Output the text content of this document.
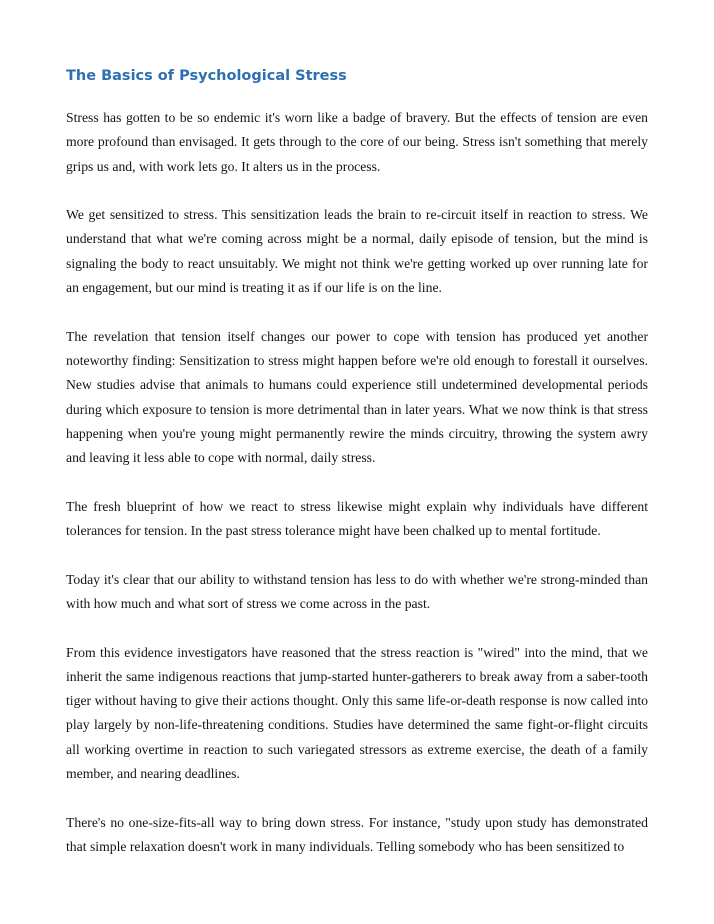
The Basics of Psychological Stress

Stress has gotten to be so endemic it's worn like a badge of bravery. But the effects of tension are even more profound than envisaged. It gets through to the core of our being. Stress isn't something that merely grips us and, with work lets go. It alters us in the process.

We get sensitized to stress. This sensitization leads the brain to re-circuit itself in reaction to stress. We understand that what we're coming across might be a normal, daily episode of tension, but the mind is signaling the body to react unsuitably. We might not think we're getting worked up over running late for an engagement, but our mind is treating it as if our life is on the line.

The revelation that tension itself changes our power to cope with tension has produced yet another noteworthy finding: Sensitization to stress might happen before we're old enough to forestall it ourselves. New studies advise that animals to humans could experience still undetermined developmental periods during which exposure to tension is more detrimental than in later years. What we now think is that stress happening when you're young might permanently rewire the minds circuitry, throwing the system awry and leaving it less able to cope with normal, daily stress.

The fresh blueprint of how we react to stress likewise might explain why individuals have different tolerances for tension. In the past stress tolerance might have been chalked up to mental fortitude.

Today it's clear that our ability to withstand tension has less to do with whether we're strong-minded than with how much and what sort of stress we come across in the past.

From this evidence investigators have reasoned that the stress reaction is "wired" into the mind, that we inherit the same indigenous reactions that jump-started hunter-gatherers to break away from a saber-tooth tiger without having to give their actions thought. Only this same life-or-death response is now called into play largely by non-life-threatening conditions. Studies have determined the same fight-or-flight circuits all working overtime in reaction to such variegated stressors as extreme exercise, the death of a family member, and nearing deadlines.

There's no one-size-fits-all way to bring down stress. For instance, "study upon study has demonstrated that simple relaxation doesn't work in many individuals. Telling somebody who has been sensitized to
